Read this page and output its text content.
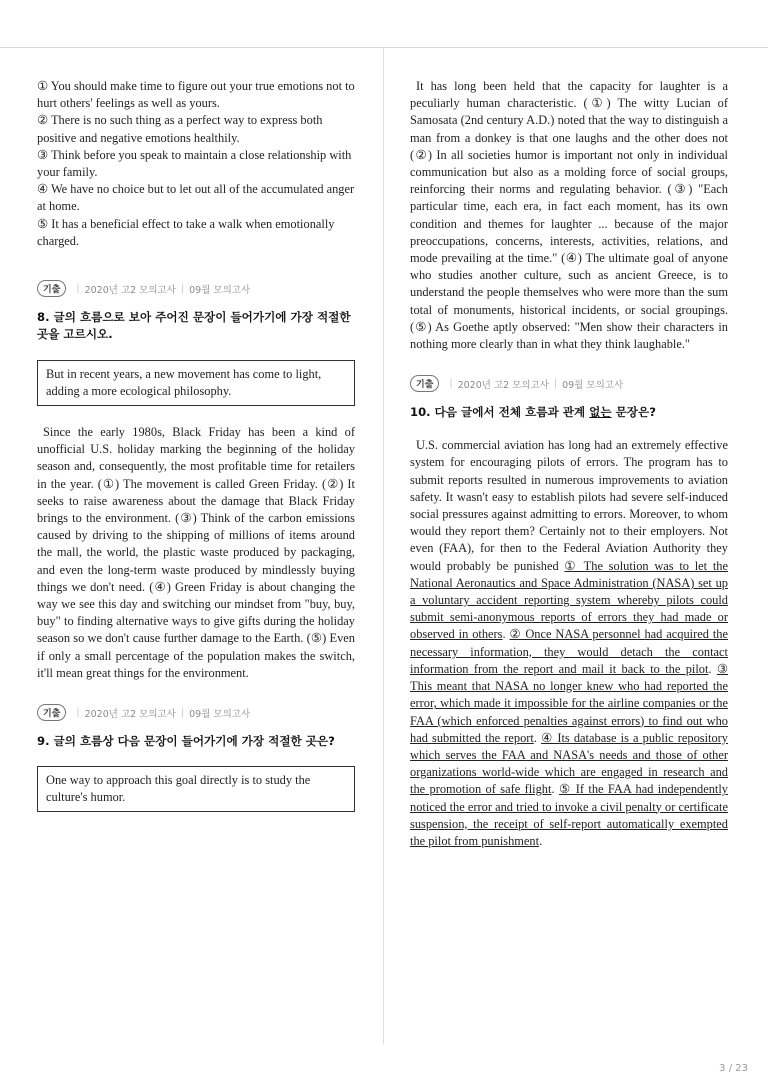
① You should make time to figure out your true emotions not to hurt others' feelings as well as yours.

② There is no such thing as a perfect way to express both positive and negative emotions healthily.

③ Think before you speak to maintain a close relationship with your family.

④ We have no choice but to let out all of the accumulated anger at home.

⑤ It has a beneficial effect to take a walk when emotionally charged.

기출	| 2020년 고2 모의고사 | 09월 모의고사

8. 글의 흐름으로 보아 주어진 문장이 들어가기에 가장 적절한 곳을 고르시오.

But in recent years, a new movement has come to light, adding a more ecological philosophy.

Since the early 1980s, Black Friday has been a kind of unofficial U.S. holiday marking the beginning of the holiday season and, consequently, the most profitable time for retailers in the year. (①) The movement is called Green Friday. (②) It seeks to raise awareness about the damage that Black Friday brings to the environment. (③) Think of the carbon emissions caused by driving to the shipping of millions of items around the mall, the world, the plastic waste produced by packaging, and even the long-term waste produced by mindlessly buying things we don't need. (④) Green Friday is about changing the way we see this day and switching our mindset from "buy, buy, buy" to finding alternative ways to give gifts during the holiday season so we don't cause further damage to the Earth. (⑤) Even if only a small percentage of the population makes the switch, it'll mean great things for the environment.

기출	| 2020년 고2 모의고사 | 09월 모의고사

9. 글의 흐름상 다음 문장이 들어가기에 가장 적절한 곳은?

One way to approach this goal directly is to study the culture's humor.

It has long been held that the capacity for laughter is a peculiarly human characteristic. (①) The witty Lucian of Samosata (2nd century A.D.) noted that the way to distinguish a man from a donkey is that one laughs and the other does not (②) In all societies humor is important not only in individual communication but also as a molding force of social groups, reinforcing their norms and regulating behavior. (③) "Each particular time, each era, in fact each moment, has its own condition and themes for laughter ... because of the major preoccupations, concerns, interests, activities, relations, and mode prevailing at the time." (④) The ultimate goal of anyone who studies another culture, such as ancient Greece, is to understand the people themselves who were more than the sum total of monuments, historical incidents, or social groupings. (⑤) As Goethe aptly observed: "Men show their characters in nothing more clearly than in what they think laughable."

기출	| 2020년 고2 모의고사 | 09월 모의고사

10. 다음 글에서 전체 흐름과 관계 없는 문장은?

U.S. commercial aviation has long had an extremely effective system for encouraging pilots of errors. The program has to submit reports resulted in numerous improvements to aviation safety. It wasn't easy to establish pilots had severe self-induced social pressures against admitting to errors. Moreover, to whom would they report them? Certainly not to their employers. Not even (FAA), for then to the Federal Aviation Authority they would probably be punished ① The solution was to let the National Aeronautics and Space Administration (NASA) set up a voluntary accident reporting system whereby pilots could submit semi-anonymous reports of errors they had made or observed in others. ② Once NASA personnel had acquired the necessary information, they would detach the contact information from the report and mail it back to the pilot. ③ This meant that NASA no longer knew who had reported the error, which made it impossible for the airline companies or the FAA (which enforced penalties against errors) to find out who had submitted the report. ④ Its database is a public repository which serves the FAA and NASA's needs and those of other organizations world-wide which are engaged in research and the promotion of safe flight. ⑤ If the FAA had independently noticed the error and tried to invoke a civil penalty or certificate suspension, the receipt of self-report automatically exempted the pilot from punishment.

3 / 23
